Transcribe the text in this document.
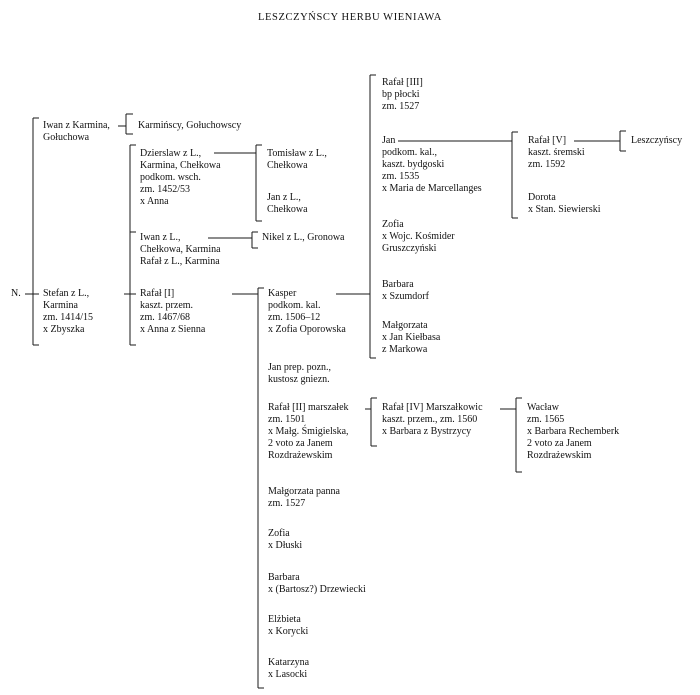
LESZCZYŃSCY HERBU WIENIAWA
N.
Iwan z Karmina,
Gołuchowa
Stefan z L.,
Karmina
zm. 1414/15
x Zbyszka
Karmińscy, Gołuchowscy
Dzierslaw z L.,
Karmina, Chełkowa
podkom. wsch.
zm. 1452/53
x Anna
Iwan z L.,
Chełkowa, Karmina
Rafał z L., Karmina
Rafał [I]
kaszt. przem.
zm. 1467/68
x Anna z Sienna
Tomisław z L.,
Chełkowa
Jan z L.,
Chełkowa
Nikel z L., Gronowa
Kasper
podkom. kal.
zm. 1506–12
x Zofia Oporowska
Jan prep. pozn.,
kustosz gniezn.
Rafał [II] marszałek
zm. 1501
x Małg. Śmigielska,
2 voto za Janem
Rozdrażewskim
Małgorzata panna
zm. 1527
Zofia
x Dłuski
Barbara
x (Bartosz?) Drzewiecki
Elżbieta
x Korycki
Katarzyna
x Lasocki
Rafał [III]
bp płocki
zm. 1527
Jan
podkom. kal.,
kaszt. bydgoski
zm. 1535
x Maria de Marcellanges
Zofia
x Wojc. Kośmider
Gruszczyński
Barbara
x Szumdorf
Małgorzata
x Jan Kiełbasa
z Markowa
Rafał [IV] Marszałkowic
kaszt. przem., zm. 1560
x Barbara z Bystrzycy
Rafał [V]
kaszt. śremski
zm. 1592
Dorota
x Stan. Siewierski
Wacław
zm. 1565
x Barbara Rechemberk
2 voto za Janem
Rozdrażewskim
Leszczyńscy
